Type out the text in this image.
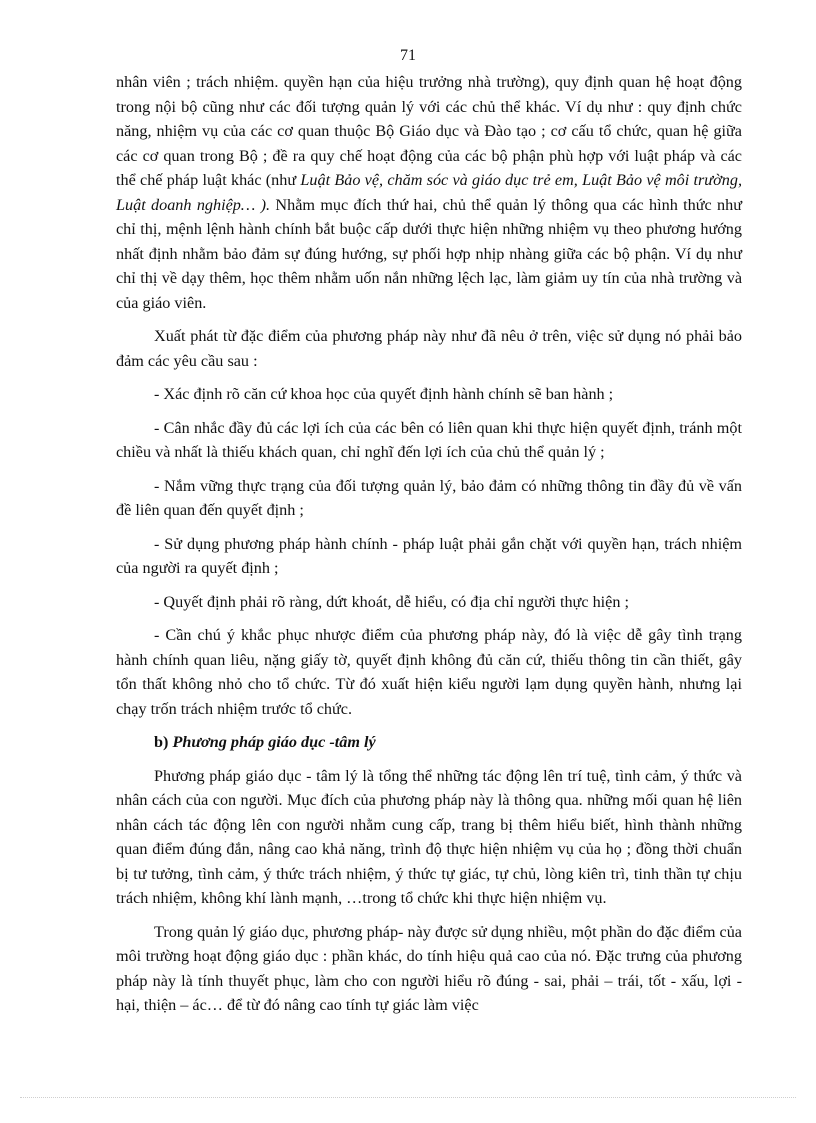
71

nhân viên ; trách nhiệm. quyền hạn của hiệu trưởng nhà trường), quy định quan hệ hoạt động trong nội bộ cũng như các đối tượng quản lý với các chủ thể khác. Ví dụ như : quy định chức năng, nhiệm vụ của các cơ quan thuộc Bộ Giáo dục và Đào tạo ; cơ cấu tổ chức, quan hệ giữa các cơ quan trong Bộ ; đề ra quy chế hoạt động của các bộ phận phù hợp với luật pháp và các thể chế pháp luật khác (như Luật Bảo vệ, chăm sóc và giáo dục trẻ em, Luật Bảo vệ môi trường, Luật doanh nghiệp… ). Nhằm mục đích thứ hai, chủ thể quản lý thông qua các hình thức như chỉ thị, mệnh lệnh hành chính bắt buộc cấp dưới thực hiện những nhiệm vụ theo phương hướng nhất định nhằm bảo đảm sự đúng hướng, sự phối hợp nhịp nhàng giữa các bộ phận. Ví dụ như chỉ thị về dạy thêm, học thêm nhằm uốn nắn những lệch lạc, làm giảm uy tín của nhà trường và của giáo viên.

Xuất phát từ đặc điểm của phương pháp này như đã nêu ở trên, việc sử dụng nó phải bảo đảm các yêu cầu sau :

- Xác định rõ căn cứ khoa học của quyết định hành chính sẽ ban hành ;

- Cân nhắc đầy đủ các lợi ích của các bên có liên quan khi thực hiện quyết định, tránh một chiều và nhất là thiếu khách quan, chỉ nghĩ đến lợi ích của chủ thể quản lý ;

- Nắm vững thực trạng của đối tượng quản lý, bảo đảm có những thông tin đầy đủ về vấn đề liên quan đến quyết định ;

- Sử dụng phương pháp hành chính - pháp luật phải gắn chặt với quyền hạn, trách nhiệm của người ra quyết định ;

- Quyết định phải rõ ràng, dứt khoát, dễ hiểu, có địa chỉ người thực hiện ;

- Cần chú ý khắc phục nhược điểm của phương pháp này, đó là việc dễ gây tình trạng hành chính quan liêu, nặng giấy tờ, quyết định không đủ căn cứ, thiếu thông tin cần thiết, gây tổn thất không nhỏ cho tổ chức. Từ đó xuất hiện kiểu người lạm dụng quyền hành, nhưng lại chạy trốn trách nhiệm trước tổ chức.

b) Phương pháp giáo dục -tâm lý

Phương pháp giáo dục - tâm lý là tổng thể những tác động lên trí tuệ, tình cảm, ý thức và nhân cách của con người. Mục đích của phương pháp này là thông qua. những mối quan hệ liên nhân cách tác động lên con người nhằm cung cấp, trang bị thêm hiểu biết, hình thành những quan điểm đúng đắn, nâng cao khả năng, trình độ thực hiện nhiệm vụ của họ ; đồng thời chuẩn bị tư tưởng, tình cảm, ý thức trách nhiệm, ý thức tự giác, tự chủ, lòng kiên trì, tinh thần tự chịu trách nhiệm, không khí lành mạnh, …trong tổ chức khi thực hiện nhiệm vụ.

Trong quản lý giáo dục, phương pháp- này được sử dụng nhiều, một phần do đặc điểm của môi trường hoạt động giáo dục : phần khác, do tính hiệu quả cao của nó. Đặc trưng của phương pháp này là tính thuyết phục, làm cho con người hiểu rõ đúng - sai, phải – trái, tốt - xấu, lợi - hại, thiện – ác… để từ đó nâng cao tính tự giác làm việc
